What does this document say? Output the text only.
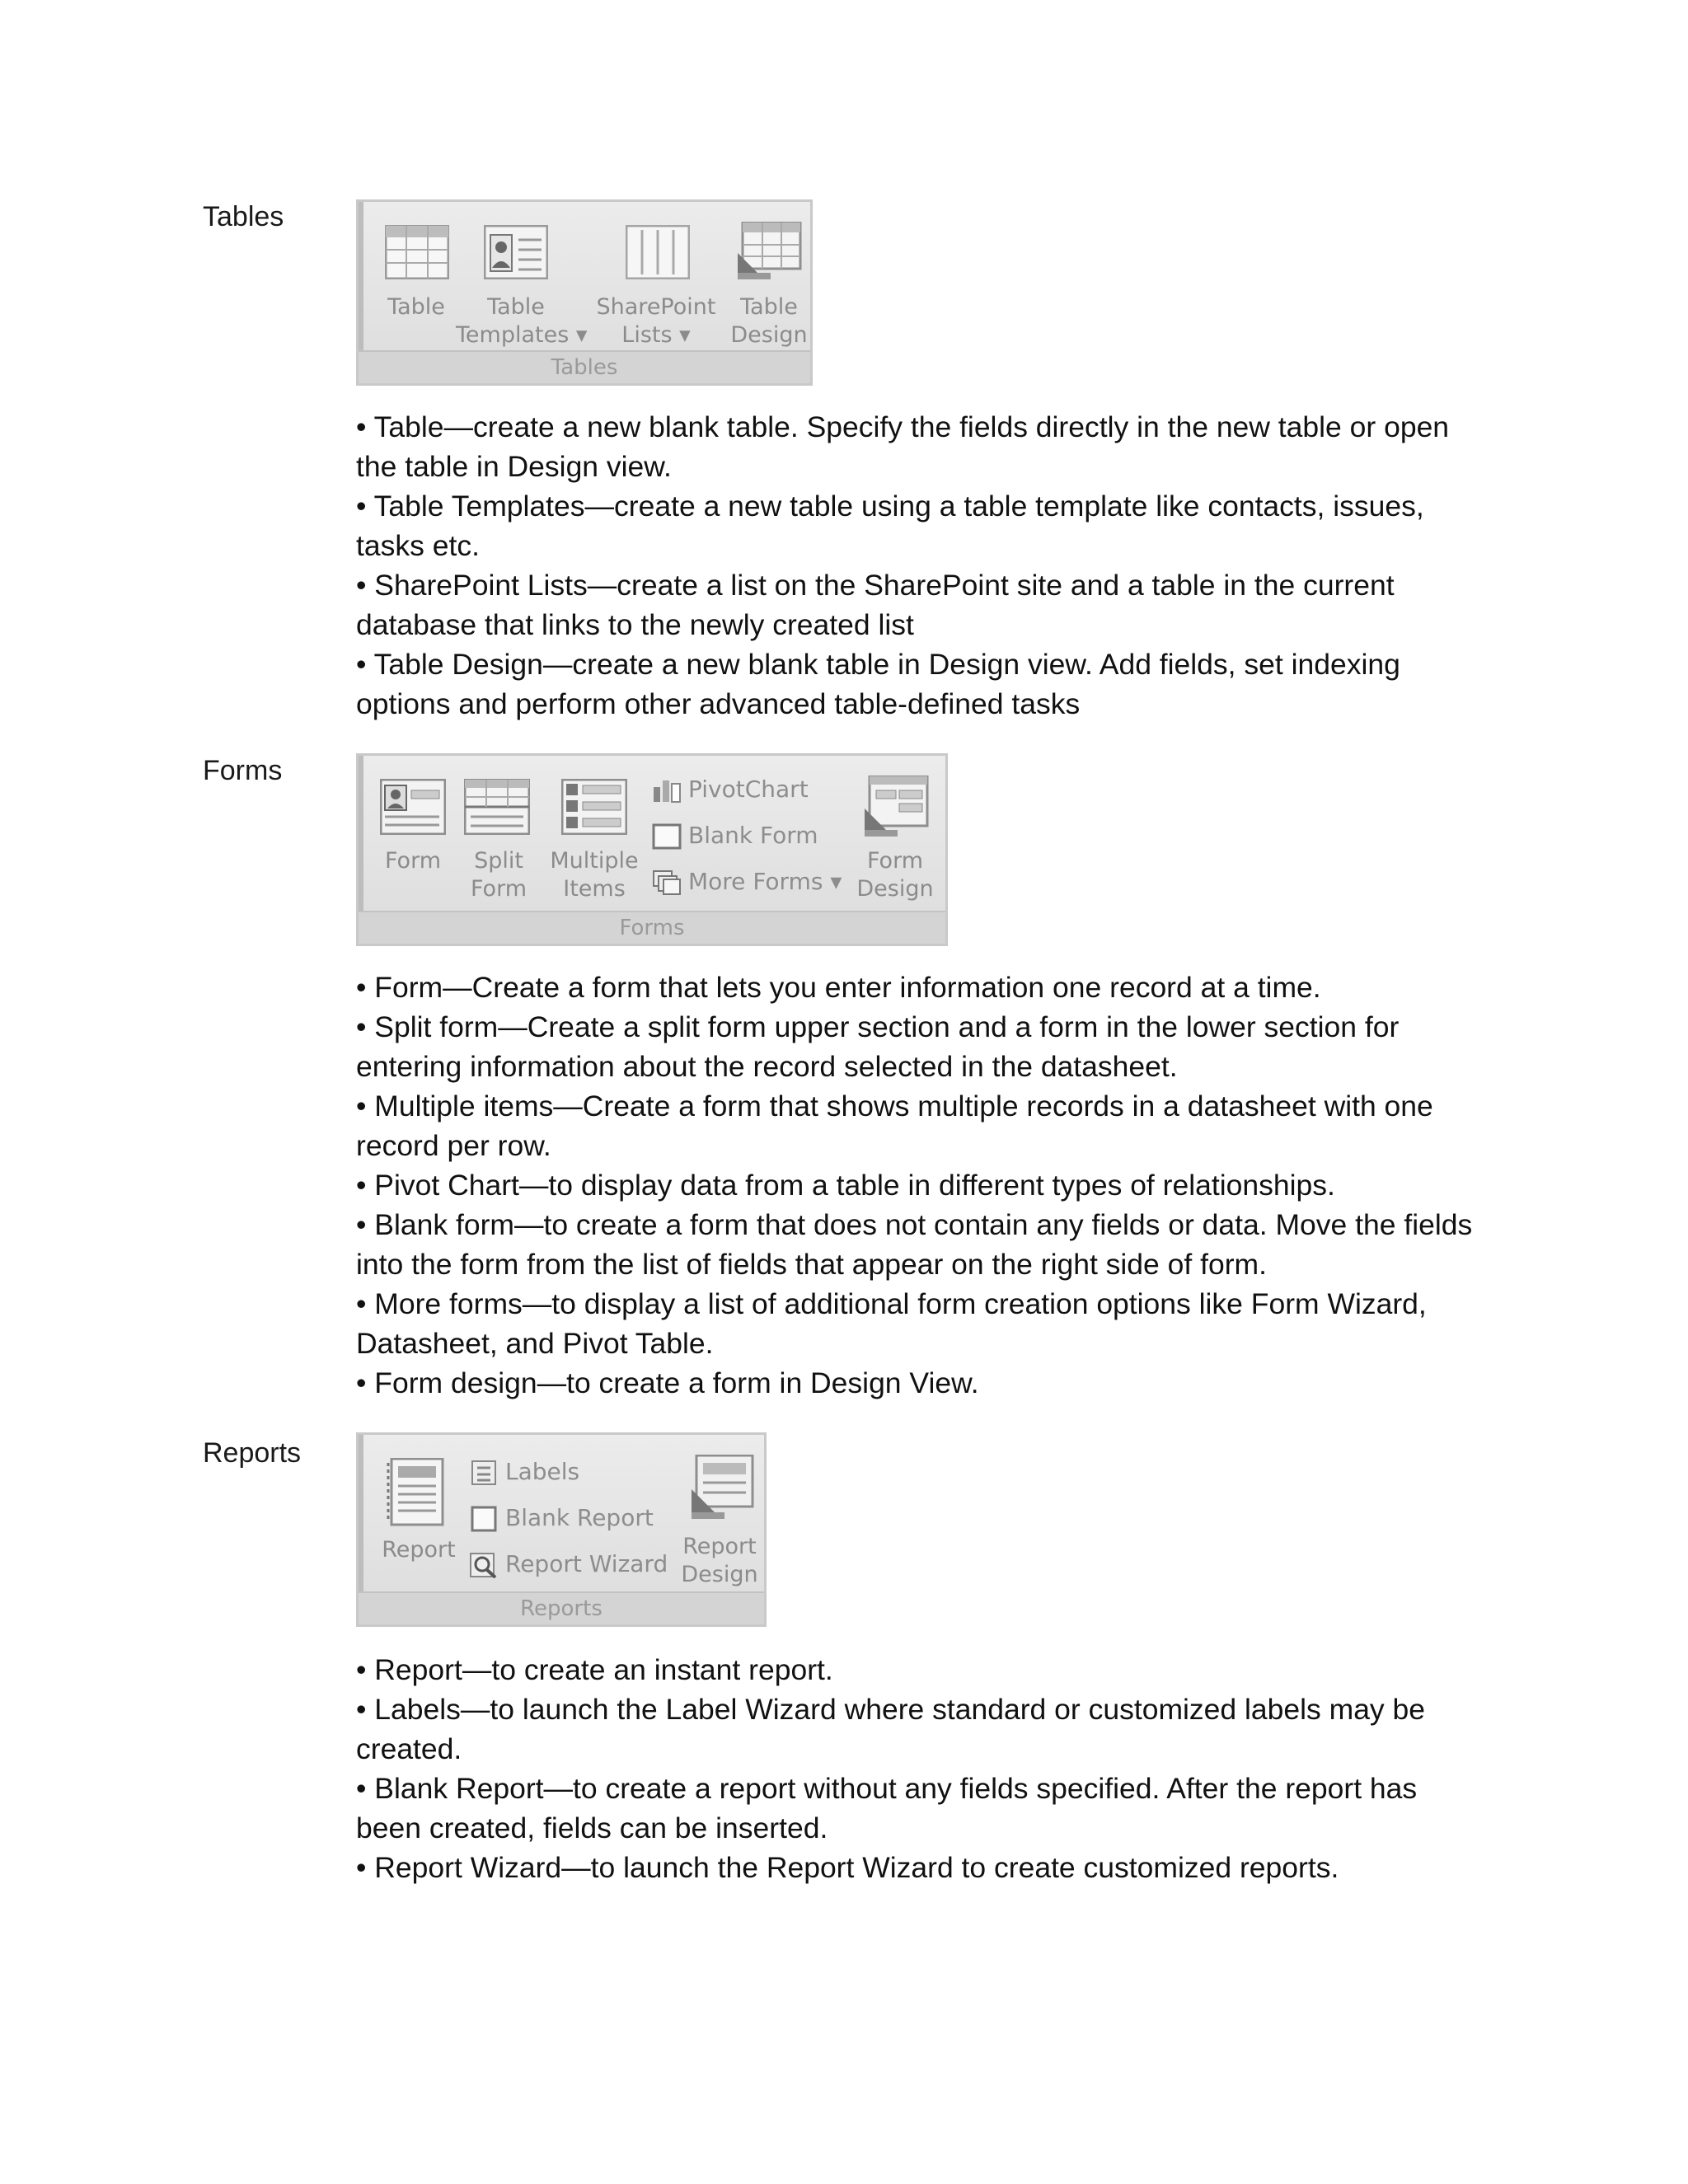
Tables
Table	Table
Templates ▾
SharePoint
Lists ▾
Table
Design
Tables

• Table—create a new blank table. Specify the fields directly in the new table or open the table in Design view.

• Table Templates—create a new table using a table template like contacts, issues, tasks etc.

• SharePoint Lists—create a list on the SharePoint site and a table in the current database that links to the newly created list

• Table Design—create a new blank table in Design view. Add fields, set indexing options and perform other advanced table-defined tasks

Forms
Form	Split
Form
Multiple
Items
PivotChart
Blank Form
More Forms ▾
Form
Design
Forms

• Form—Create a form that lets you enter information one record at a time.

• Split form—Create a split form upper section and a form in the lower section for entering information about the record selected in the datasheet.

• Multiple items—Create a form that shows multiple records in a datasheet with one record per row.

• Pivot Chart—to display data from a table in different types of relationships.

• Blank form—to create a form that does not contain any fields or data. Move the fields into the form from the list of fields that appear on the right side of form.

• More forms—to display a list of additional form creation options like Form Wizard, Datasheet, and Pivot Table.

• Form design—to create a form in Design View.

Reports
Report
Labels
Blank Report
Report Wizard
Report
Design
Reports

• Report—to create an instant report.

• Labels—to launch the Label Wizard where standard or customized labels may be created.

• Blank Report—to create a report without any fields specified. After the report has been created, fields can be inserted.

• Report Wizard—to launch the Report Wizard to create customized reports.
